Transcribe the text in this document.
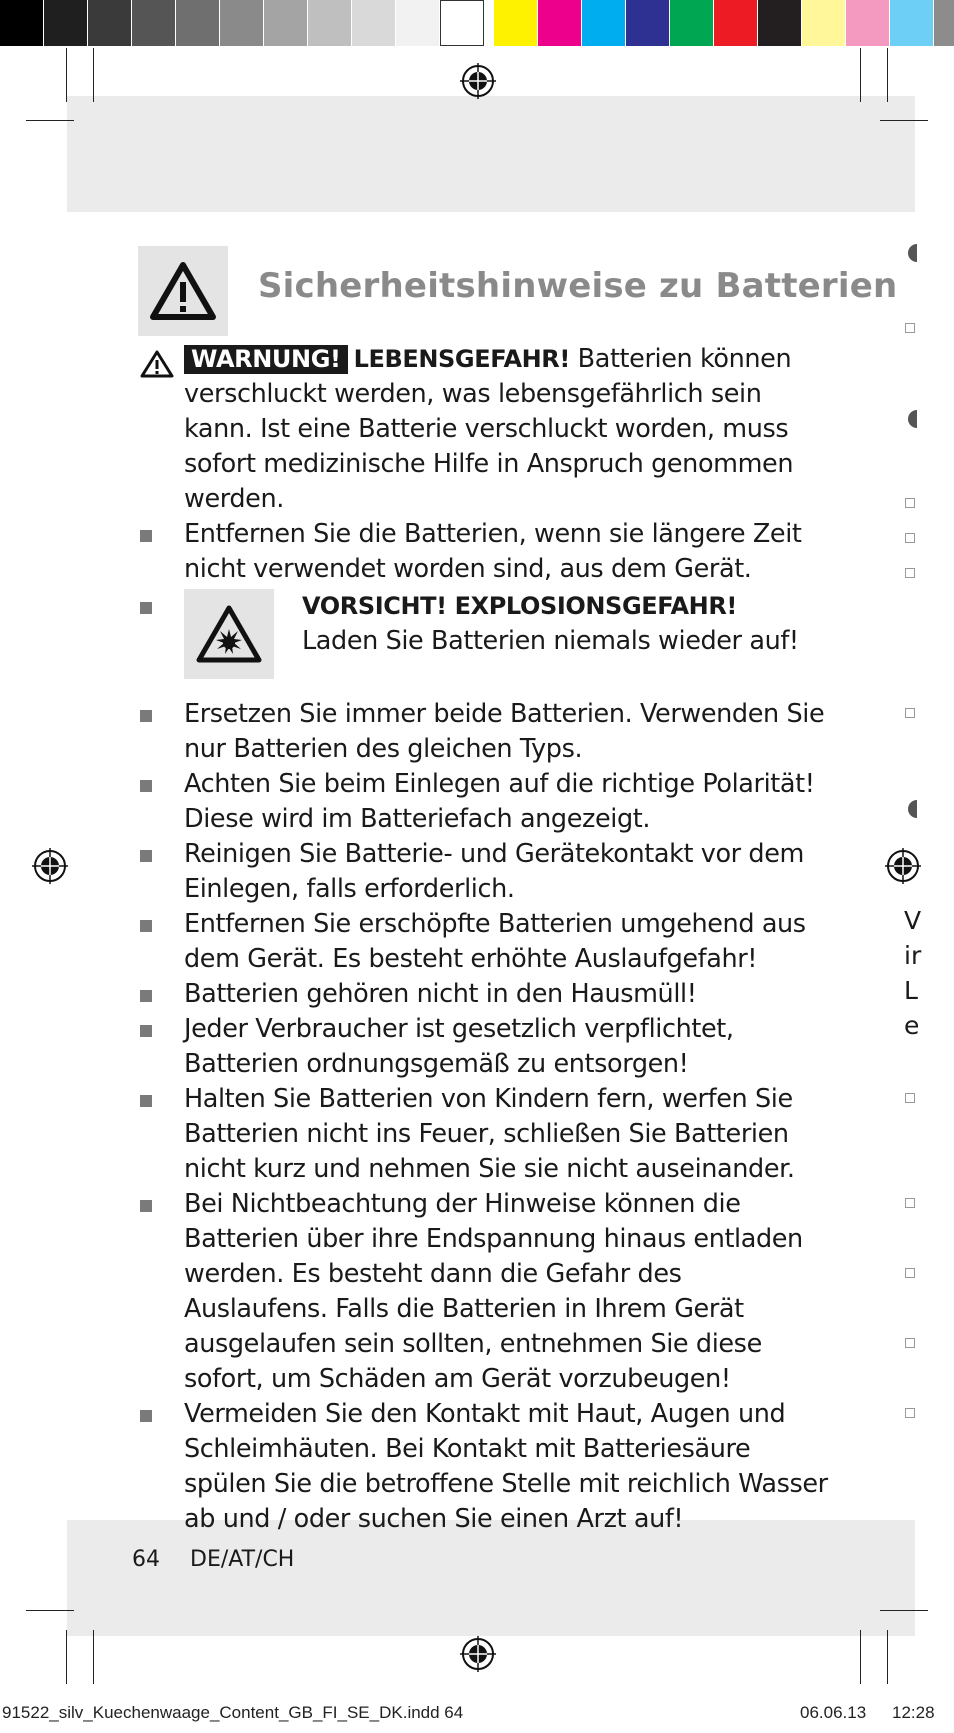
Sicherheitshinweise zu Batterien
WARNUNG! LEBENSGEFAHR! Batterien können verschluckt werden, was lebensgefährlich sein kann. Ist eine Batterie verschluckt worden, muss sofort medizinische Hilfe in Anspruch genommen werden.
Entfernen Sie die Batterien, wenn sie längere Zeit nicht verwendet worden sind, aus dem Gerät.
VORSICHT! EXPLOSIONSGEFAHR!
Laden Sie Batterien niemals wieder auf!
Ersetzen Sie immer beide Batterien. Verwenden Sie nur Batterien des gleichen Typs.
Achten Sie beim Einlegen auf die richtige Polarität! Diese wird im Batteriefach angezeigt.
Reinigen Sie Batterie- und Gerätekontakt vor dem Einlegen, falls erforderlich.
Entfernen Sie erschöpfte Batterien umgehend aus dem Gerät. Es besteht erhöhte Auslaufgefahr!
Batterien gehören nicht in den Hausmüll!
Jeder Verbraucher ist gesetzlich verpflichtet, Batterien ordnungsgemäß zu entsorgen!
Halten Sie Batterien von Kindern fern, werfen Sie Batterien nicht ins Feuer, schließen Sie Batterien nicht kurz und nehmen Sie sie nicht auseinander.
Bei Nichtbeachtung der Hinweise können die Batterien über ihre Endspannung hinaus entladen werden. Es besteht dann die Gefahr des Auslaufens. Falls die Batterien in Ihrem Gerät ausgelaufen sein sollten, entnehmen Sie diese sofort, um Schäden am Gerät vorzubeugen!
Vermeiden Sie den Kontakt mit Haut, Augen und Schleimhäuten. Bei Kontakt mit Batteriesäure spülen Sie die betroffene Stelle mit reichlich Wasser ab und / oder suchen Sie einen Arzt auf!
V
ir
L
e
64 DE/AT/CH
91522_silv_Kuechenwaage_Content_GB_FI_SE_DK.indd 64	06.06.13 12:28
